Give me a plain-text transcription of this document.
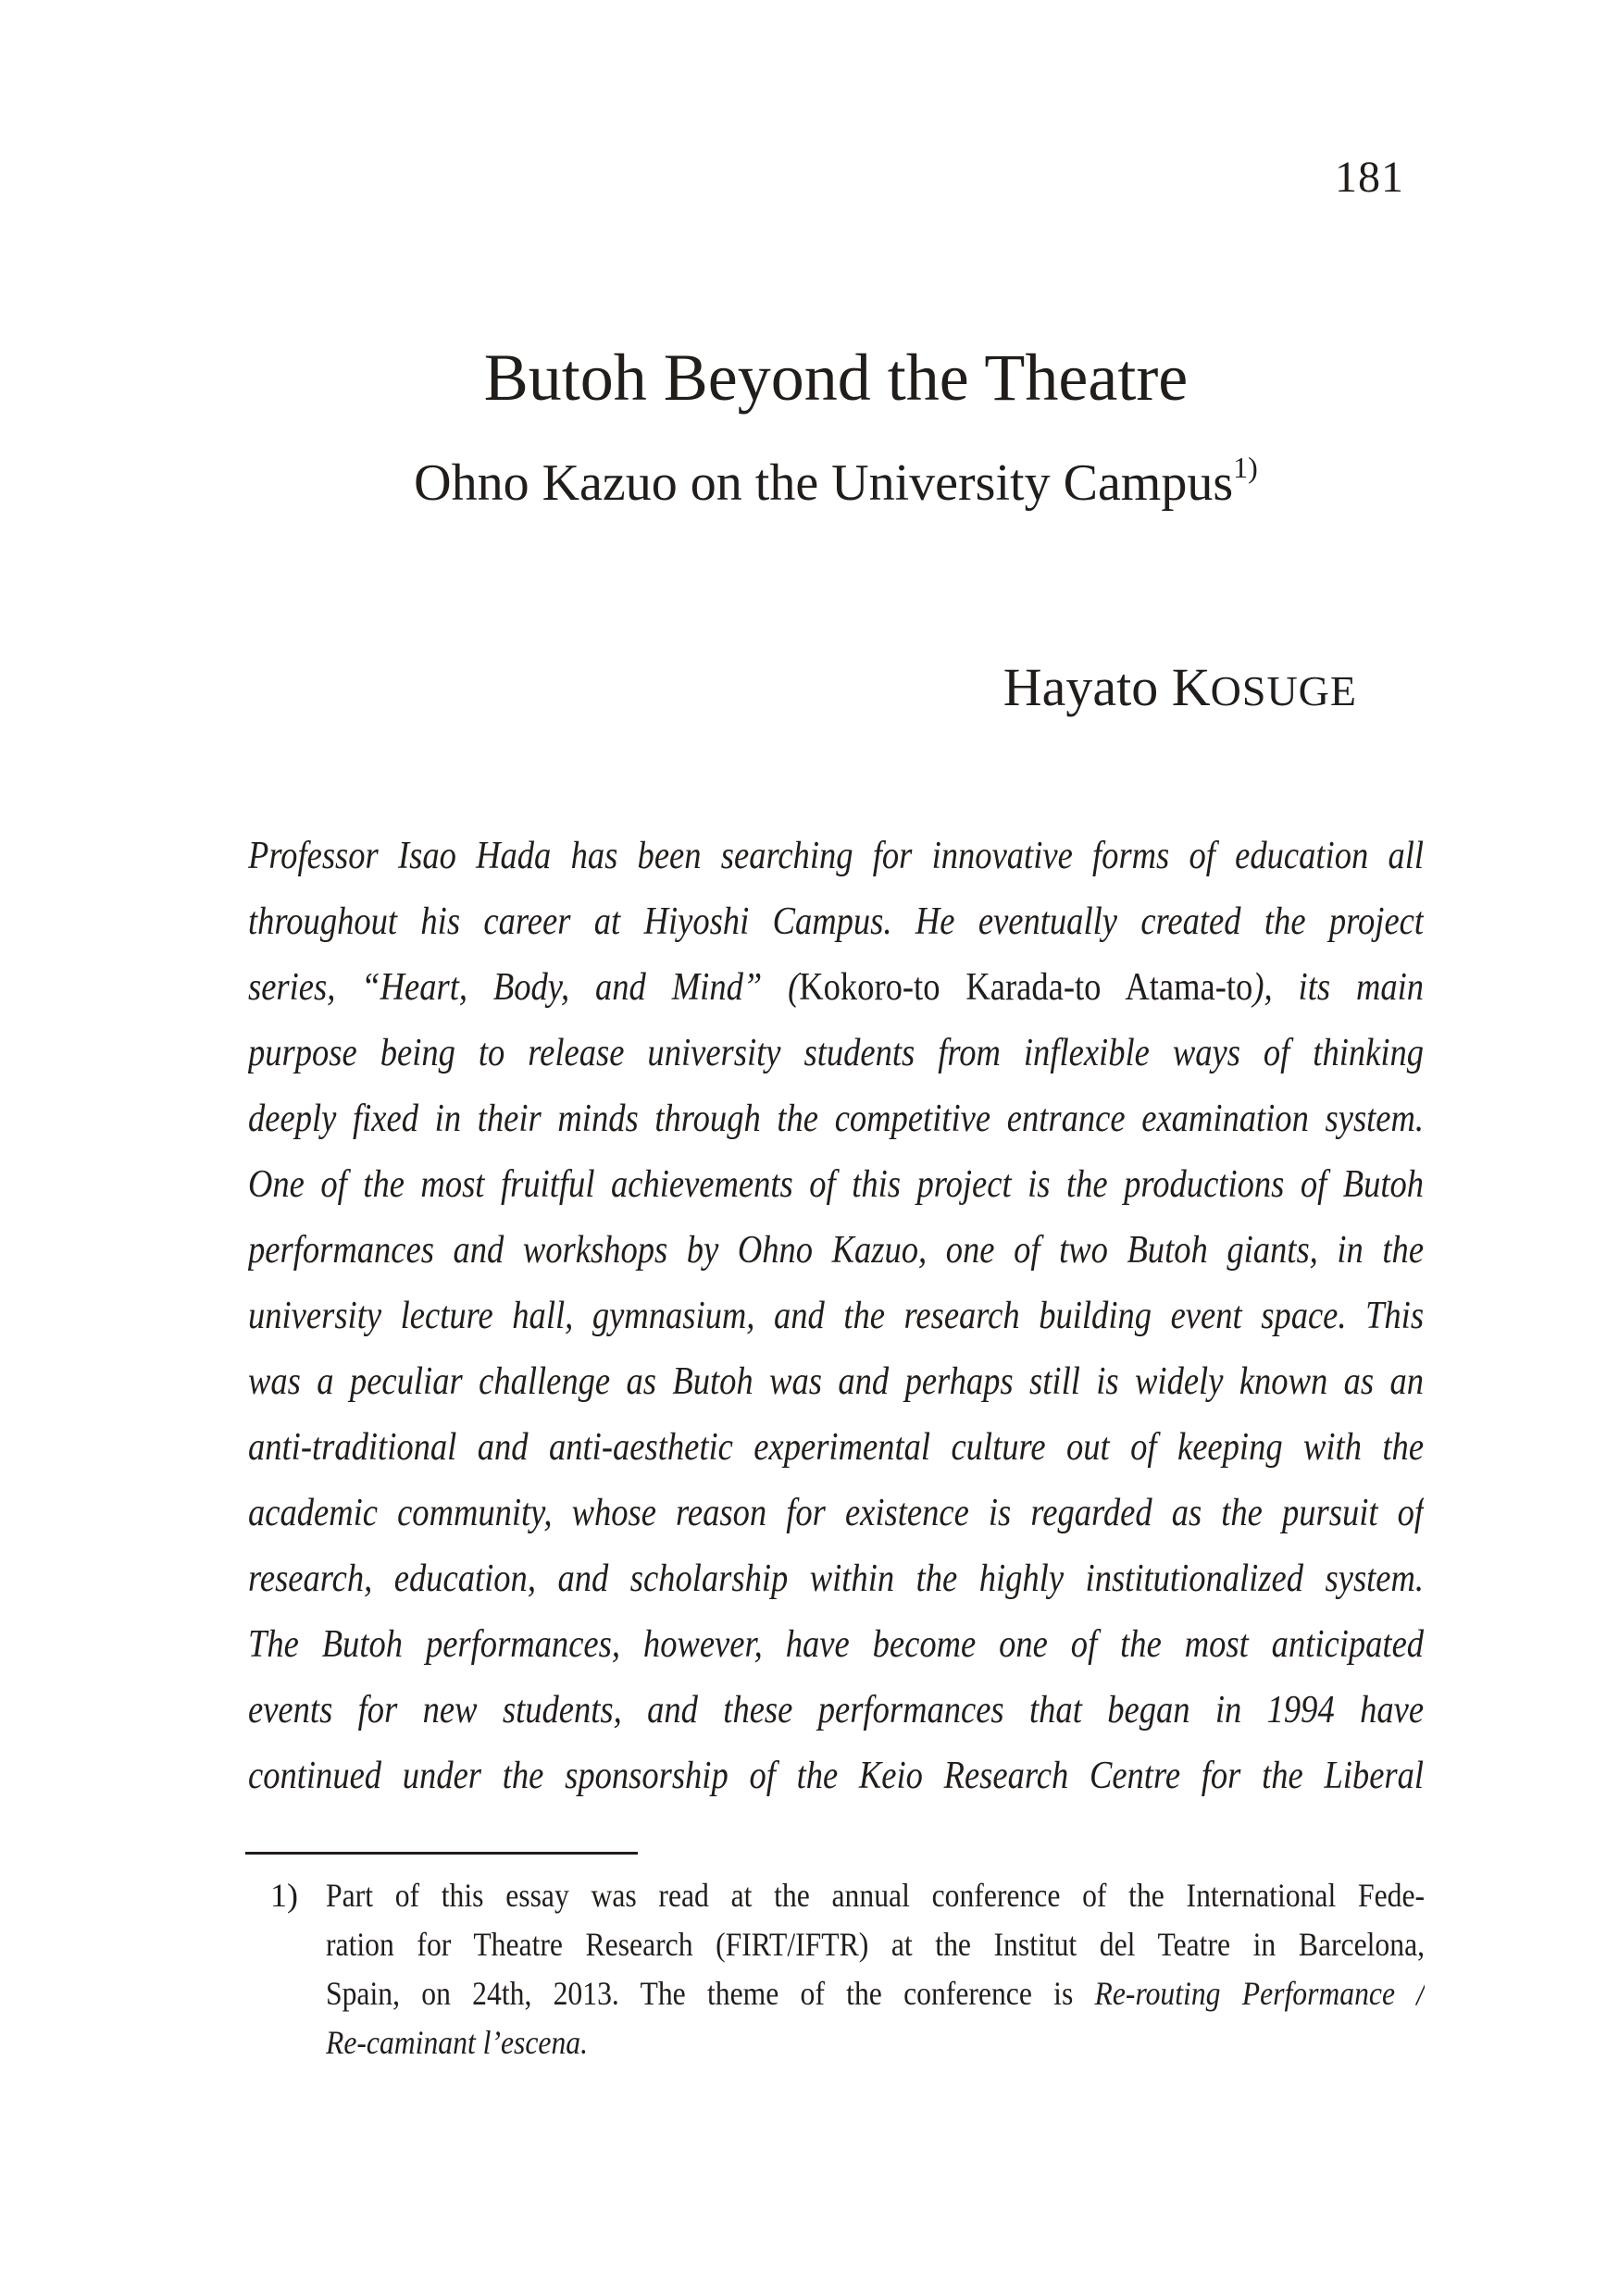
181
Butoh Beyond the Theatre
Ohno Kazuo on the University Campus$^{1)}$
Hayato KOSUGE
Professor Isao Hada has been searching for innovative forms of education all
throughout his career at Hiyoshi Campus. He eventually created the project
series, “Heart, Body, and Mind” (Kokoro-to Karada-to Atama-to), its main
purpose being to release university students from inflexible ways of thinking
deeply fixed in their minds through the competitive entrance examination system.
One of the most fruitful achievements of this project is the productions of Butoh
performances and workshops by Ohno Kazuo, one of two Butoh giants, in the
university lecture hall, gymnasium, and the research building event space. This
was a peculiar challenge as Butoh was and perhaps still is widely known as an
anti-traditional and anti-aesthetic experimental culture out of keeping with the
academic community, whose reason for existence is regarded as the pursuit of
research, education, and scholarship within the highly institutionalized system.
The Butoh performances, however, have become one of the most anticipated
events for new students, and these performances that began in 1994 have
continued under the sponsorship of the Keio Research Centre for the Liberal
1) Part of this essay was read at the annual conference of the International Fede-
ration for Theatre Research (FIRT/IFTR) at the Institut del Teatre in Barcelona,
Spain, on 24th, 2013. The theme of the conference is Re-routing Performance /
Re-caminant l’escena.
